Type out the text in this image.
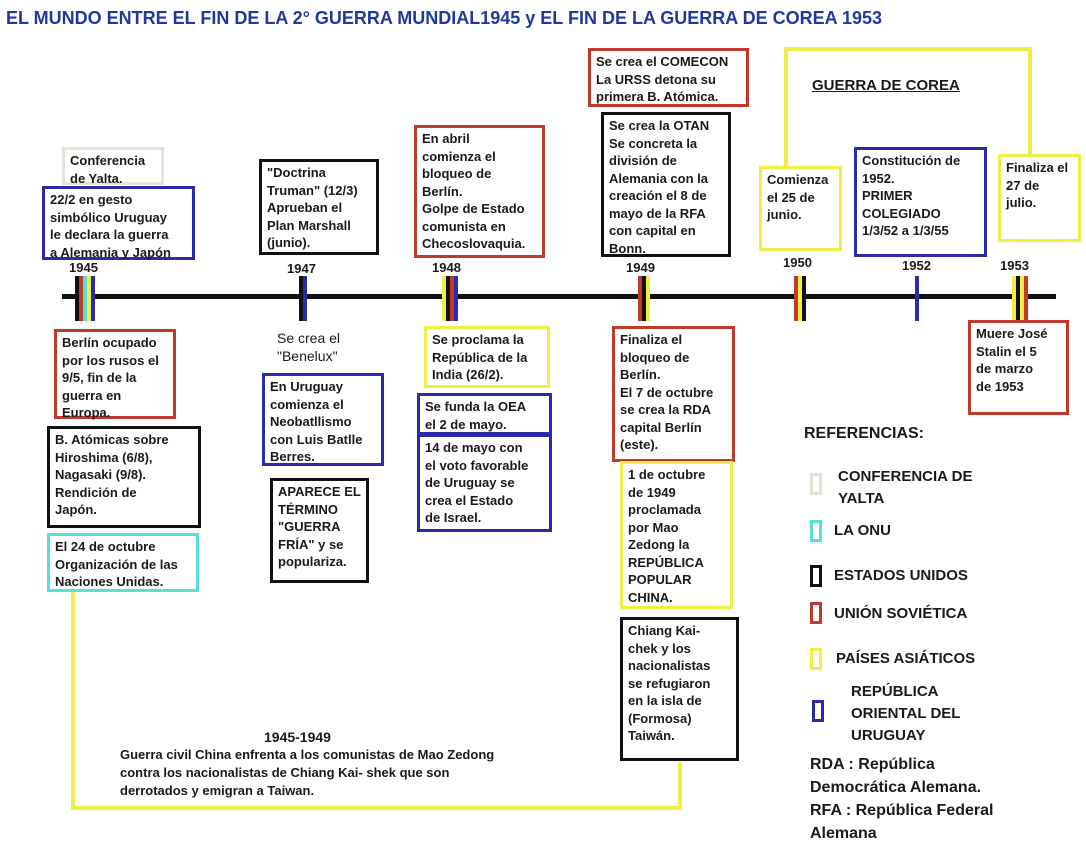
EL MUNDO ENTRE EL FIN DE LA 2° GUERRA MUNDIAL1945 y EL FIN DE LA GUERRA DE COREA 1953
1945	1947	1948	1949	1950	1952	1953
Conferencia
de Yalta.
22/2 en gesto
simbólico Uruguay
le declara la guerra
a Alemania y Japón
"Doctrina
Truman" (12/3)
Aprueban el
Plan Marshall
(junio).
En abril
comienza el
bloqueo de
Berlín.
Golpe de Estado
comunista en
Checoslovaquia.
Se crea el COMECON
La URSS detona su
primera B. Atómica.
Se crea la OTAN
Se concreta la
división de
Alemania con la
creación el 8 de
mayo de la RFA
con capital en
Bonn.
GUERRA DE COREA
Comienza
el 25 de
junio.
Constitución de
1952.
PRIMER
COLEGIADO
1/3/52 a 1/3/55
Finaliza el
27 de
julio.
Berlín ocupado
por los rusos el
9/5, fin de la
guerra en
Europa.
B. Atómicas sobre
Hiroshima (6/8),
Nagasaki (9/8).
Rendición de
Japón.
El 24 de octubre
Organización de las
Naciones Unidas.
Se crea el
"Benelux"
En Uruguay
comienza el
Neobatllismo
con Luis Batlle
Berres.
APARECE EL
TÉRMINO
"GUERRA
FRÍA" y se
populariza.
Se proclama la
República de la
India (26/2).
Se funda la OEA
el 2 de mayo.
14 de mayo con
el voto favorable
de Uruguay se
crea el Estado
de Israel.
Finaliza el
bloqueo de
Berlín.
El 7 de octubre
se crea la RDA
capital Berlín
(este).
1 de octubre
de 1949
proclamada
por Mao
Zedong la
REPÚBLICA
POPULAR
CHINA.
Chiang Kai-
chek y los
nacionalistas
se refugiaron
en la isla de
(Formosa)
Taiwán.
Muere José
Stalin el 5
de marzo
de 1953
1945-1949
Guerra civil China enfrenta a los comunistas de Mao Zedong
contra los nacionalistas de Chiang Kai- shek que son
derrotados y emigran a Taiwan.
REFERENCIAS:
CONFERENCIA DE
YALTA
LA ONU
ESTADOS UNIDOS
UNIÓN SOVIÉTICA
PAÍSES ASIÁTICOS
REPÚBLICA
ORIENTAL DEL
URUGUAY
RDA : República
Democrática Alemana.
RFA : República Federal
Alemana
